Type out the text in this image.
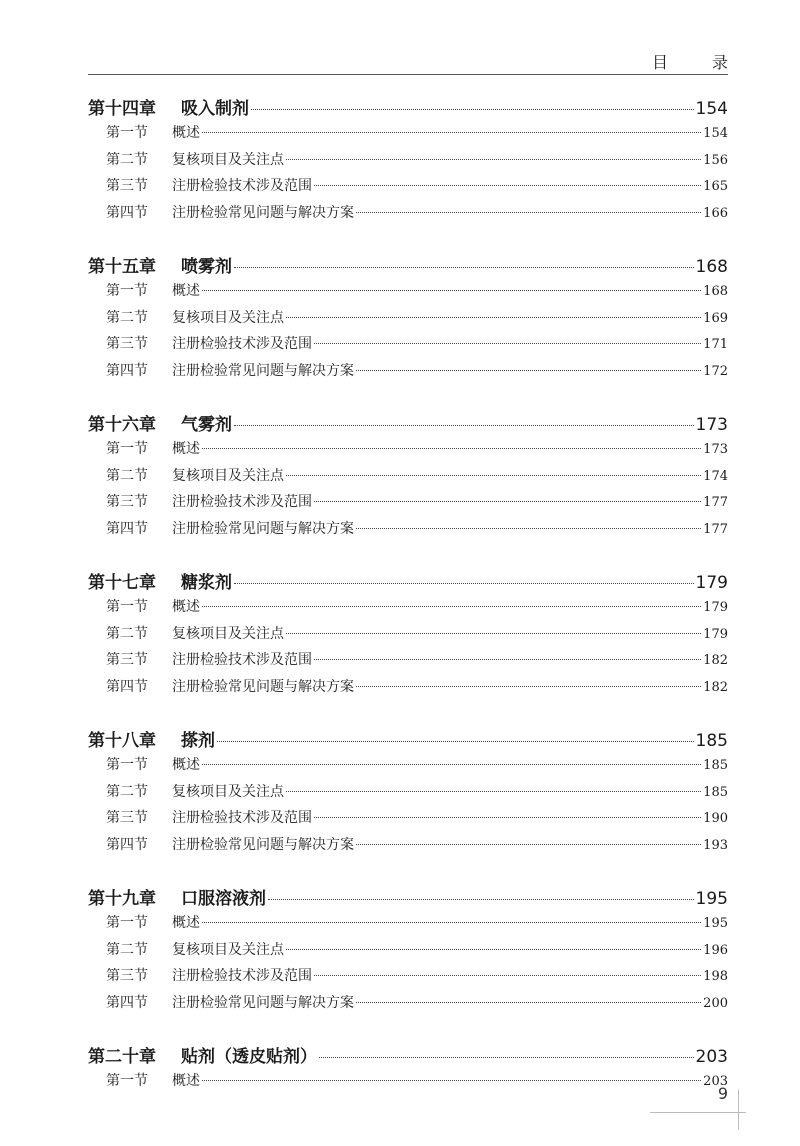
目　录
第十四章	吸入制剂	154
第一节	概述	154
第二节	复核项目及关注点	156
第三节	注册检验技术涉及范围	165
第四节	注册检验常见问题与解决方案	166
第十五章	喷雾剂	168
第一节	概述	168
第二节	复核项目及关注点	169
第三节	注册检验技术涉及范围	171
第四节	注册检验常见问题与解决方案	172
第十六章	气雾剂	173
第一节	概述	173
第二节	复核项目及关注点	174
第三节	注册检验技术涉及范围	177
第四节	注册检验常见问题与解决方案	177
第十七章	糖浆剂	179
第一节	概述	179
第二节	复核项目及关注点	179
第三节	注册检验技术涉及范围	182
第四节	注册检验常见问题与解决方案	182
第十八章	搽剂	185
第一节	概述	185
第二节	复核项目及关注点	185
第三节	注册检验技术涉及范围	190
第四节	注册检验常见问题与解决方案	193
第十九章	口服溶液剂	195
第一节	概述	195
第二节	复核项目及关注点	196
第三节	注册检验技术涉及范围	198
第四节	注册检验常见问题与解决方案	200
第二十章	贴剂（透皮贴剂）	203
第一节	概述	203
9
